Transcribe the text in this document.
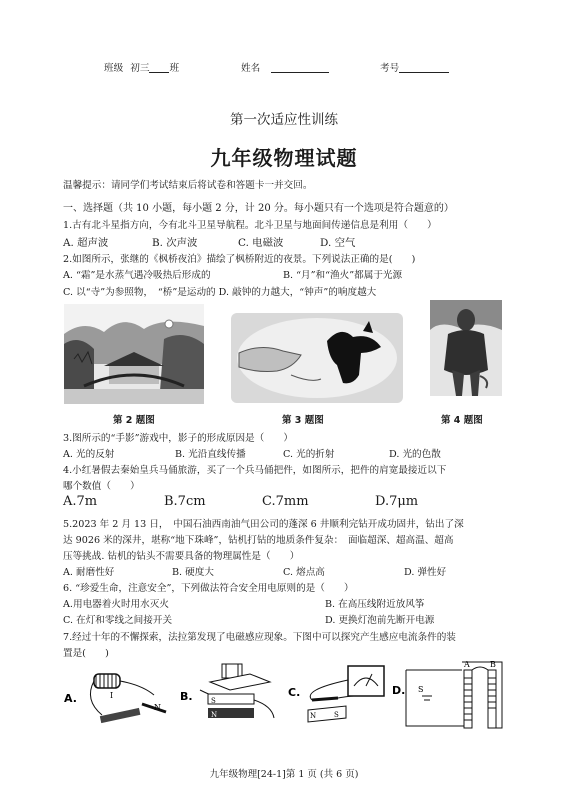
班级 初三 班	姓名	考号
第一次适应性训练
九年级物理试题
温馨提示：请同学们考试结束后将试卷和答题卡一并交回。
一、选择题（共 10 小题，每小题 2 分，计 20 分。每小题只有一个选项是符合题意的）
1.古有北斗星指方向，今有北斗卫星导航程。北斗卫星与地面间传递信息是利用（　　）
A. 超声波	B. 次声波	C. 电磁波	D. 空气
2.如图所示，张继的《枫桥夜泊》描绘了枫桥附近的夜景。下列说法正确的是(　　)
A. “霜”是水蒸气遇冷吸热后形成的	B. “月”和“渔火”都属于光源
C. 以“寺”为参照物，　“桥”是运动的 D. 敲钟的力越大，“钟声”的响度越大
第 2 题图	第 3 题图	第 4 题图
3.图所示的“手影”游戏中，影子的形成原因是（　　）
A. 光的反射	B. 光沿直线传播	C. 光的折射	D. 光的色散
4.小红暑假去秦始皇兵马俑旅游，买了一个兵马俑把件，如图所示，把件的肩宽最接近以下
哪个数值（　　）
A.7m	B.7cm	C.7mm	D.7μm
5.2023 年 2 月 13 日，　中国石油西南油气田公司的蓬深 6 井顺利完钻开成功固井，钻出了深
达 9026 米的深井，堪称“地下珠峰”，钻机打钻的地质条件复杂：　面临超深、超高温、超高
压等挑战. 钻机的钻头不需要具备的物理属性是（　　）
A. 耐磨性好	B. 硬度大	C. 熔点高	D. 弹性好
6. “珍爱生命，注意安全”，下列做法符合安全用电原则的是（　　）
A.用电器着火时用水灭火	B. 在高压线附近放风筝
C. 在灯和零线之间接开关	D. 更换灯泡前先断开电源
7.经过十年的不懈探索，法拉第发现了电磁感应现象。下图中可以探究产生感应电流条件的装
置是(　　)
A.	I
N
B.	S
N
C.
N	S
D. S
A	B
九年级物理[24-1]第 1 页 (共 6 页)
